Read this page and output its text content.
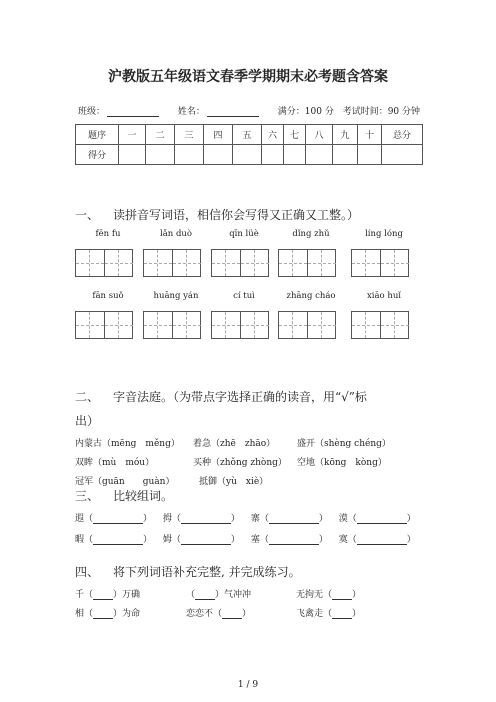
沪教版五年级语文春季学期期末必考题含答案
班级：	姓名：	满分：100 分 考试时间：90 分钟
题序	一	二	三	四	五	六	七	八	九	十	总分
得分											
一、 读拼音写词语，相信你会写得又正确又工整。）
fēn fu	lǎn duò	qīn lüè	dǐng zhǔ	líng lóng
fān suǒ	huāng yán	cí tuì	zhāng cháo	xiāo huǐ
二、 字音法庭。（为带点字选择正确的读音，用“√”标
出）
内蒙古（mēng　měng） 着急（zhē　zhāo） 盛开（shèng chéng）
双眸（mù　móu）	买种（zhǒng zhòng） 空地（kōng　kòng）
冠军（guān　　guàn）	抵御（yù　xiè）
三、 比较组词。
遐（	） 拇（	） 寨（	） 漠（	）
暇（	） 姆（	） 塞（	） 寞（	）
四、 将下列词语补充完整, 并完成练习。
千（ ）万确	（ ）气冲冲	无拘无（ ）
相（ ）为命	恋恋不（ ）	飞禽走（ ）
1 / 9
